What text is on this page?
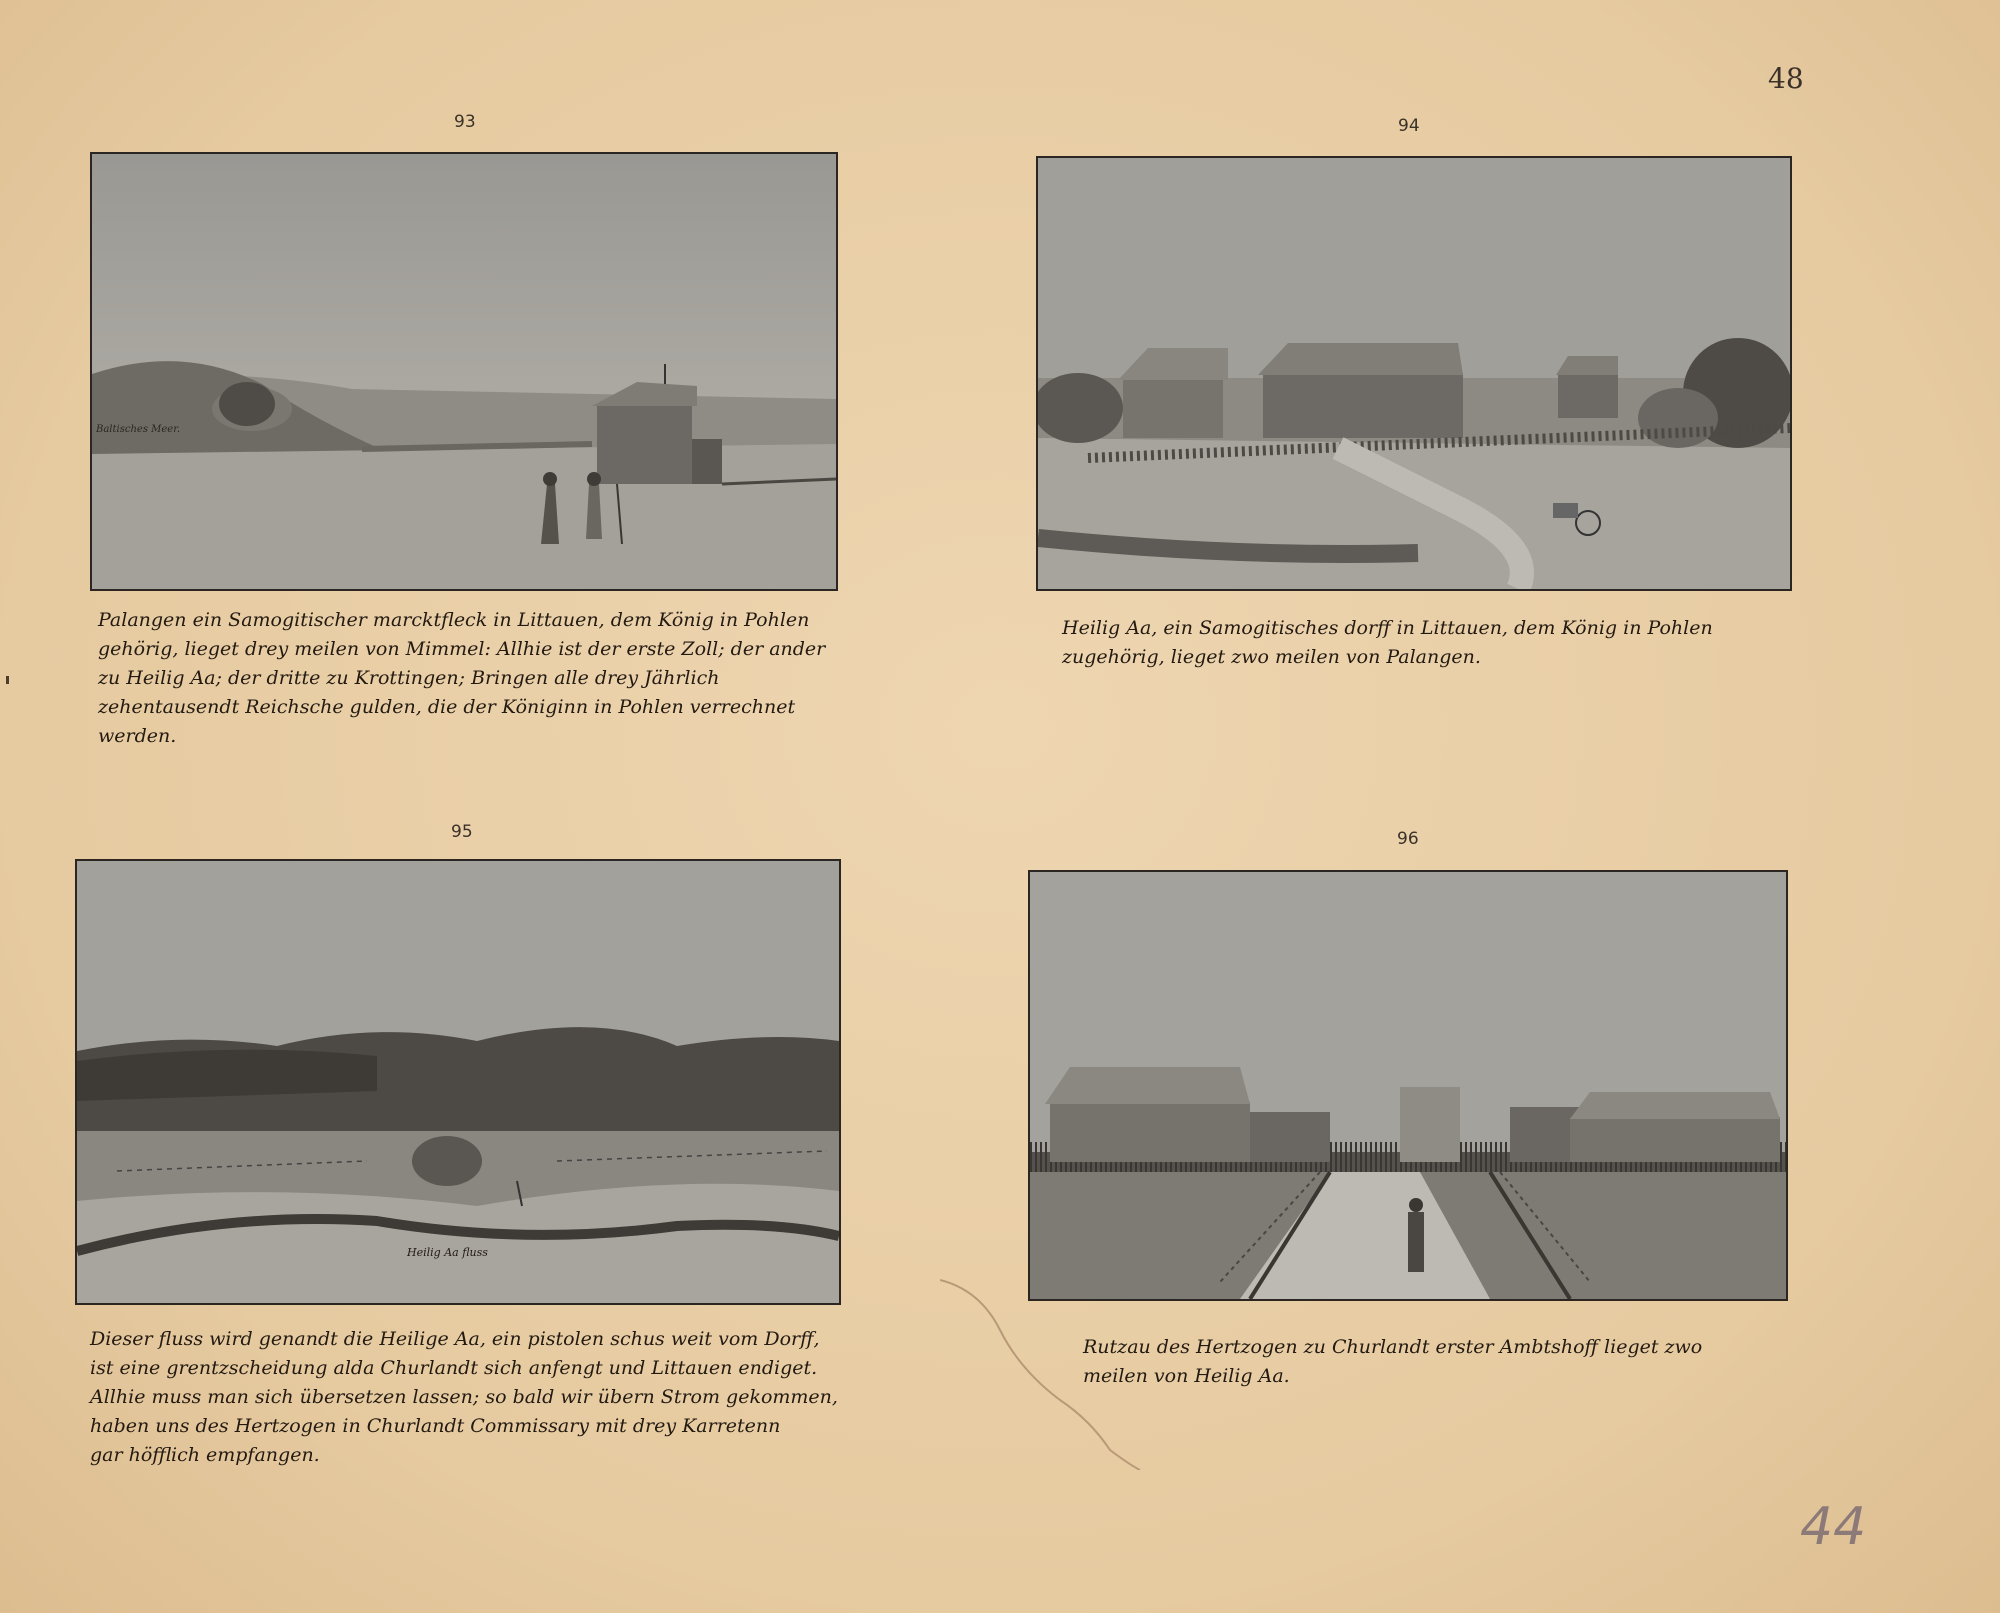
48
93
Baltisches Meer.
Palangen ein Samogitischer marcktfleck in Littauen, dem König in Pohlen
gehörig, lieget drey meilen von Mimmel: Allhie ist der erste Zoll; der ander
zu Heilig Aa; der dritte zu Krottingen; Bringen alle drey Jährlich
zehentausendt Reichsche gulden, die der Königinn in Pohlen verrechnet
werden.
94
Heilig Aa, ein Samogitisches dorff in Littauen, dem König in Pohlen
zugehörig, lieget zwo meilen von Palangen.
95
Heilig Aa fluss
Dieser fluss wird genandt die Heilige Aa, ein pistolen schus weit vom Dorff,
ist eine grentzscheidung alda Churlandt sich anfengt und Littauen endiget.
Allhie muss man sich übersetzen lassen; so bald wir übern Strom gekommen,
haben uns des Hertzogen in Churlandt Commissary mit drey Karretenn
gar höfflich empfangen.
96
Rutzau des Hertzogen zu Churlandt erster Ambtshoff lieget zwo
meilen von Heilig Aa.
44
